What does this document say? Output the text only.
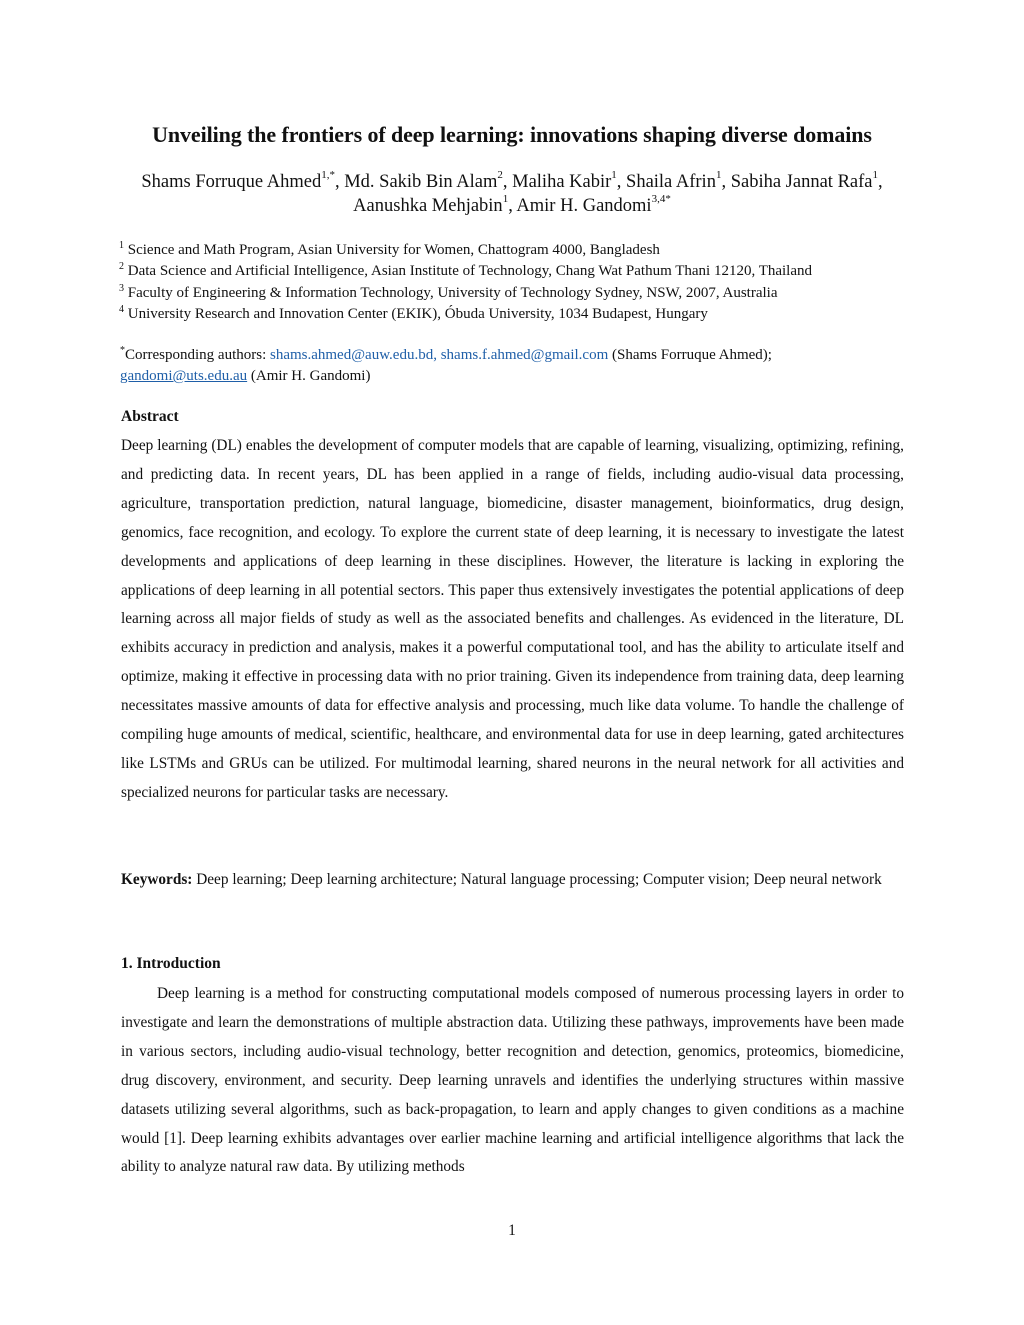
Unveiling the frontiers of deep learning: innovations shaping diverse domains
Shams Forruque Ahmed$^{1,*}$, Md. Sakib Bin Alam$^2$, Maliha Kabir$^1$, Shaila Afrin$^1$, Sabiha Jannat Rafa$^1$, Aanushka Mehjabin$^1$, Amir H. Gandomi$^{3,4*}$
$^1$ Science and Math Program, Asian University for Women, Chattogram 4000, Bangladesh
$^2$ Data Science and Artificial Intelligence, Asian Institute of Technology, Chang Wat Pathum Thani 12120, Thailand
$^3$ Faculty of Engineering & Information Technology, University of Technology Sydney, NSW, 2007, Australia
$^4$ University Research and Innovation Center (EKIK), Óbuda University, 1034 Budapest, Hungary
*Corresponding authors: shams.ahmed@auw.edu.bd, shams.f.ahmed@gmail.com (Shams Forruque Ahmed);
gandomi@uts.edu.au (Amir H. Gandomi)
Abstract
Deep learning (DL) enables the development of computer models that are capable of learning, visualizing, optimizing, refining, and predicting data. In recent years, DL has been applied in a range of fields, including audio-visual data processing, agriculture, transportation prediction, natural language, biomedicine, disaster management, bioinformatics, drug design, genomics, face recognition, and ecology. To explore the current state of deep learning, it is necessary to investigate the latest developments and applications of deep learning in these disciplines. However, the literature is lacking in exploring the applications of deep learning in all potential sectors. This paper thus extensively investigates the potential applications of deep learning across all major fields of study as well as the associated benefits and challenges. As evidenced in the literature, DL exhibits accuracy in prediction and analysis, makes it a powerful computational tool, and has the ability to articulate itself and optimize, making it effective in processing data with no prior training. Given its independence from training data, deep learning necessitates massive amounts of data for effective analysis and processing, much like data volume. To handle the challenge of compiling huge amounts of medical, scientific, healthcare, and environmental data for use in deep learning, gated architectures like LSTMs and GRUs can be utilized. For multimodal learning, shared neurons in the neural network for all activities and specialized neurons for particular tasks are necessary.
Keywords: Deep learning; Deep learning architecture; Natural language processing; Computer vision; Deep neural network
1. Introduction
Deep learning is a method for constructing computational models composed of numerous processing layers in order to investigate and learn the demonstrations of multiple abstraction data. Utilizing these pathways, improvements have been made in various sectors, including audio-visual technology, better recognition and detection, genomics, proteomics, biomedicine, drug discovery, environment, and security. Deep learning unravels and identifies the underlying structures within massive datasets utilizing several algorithms, such as back-propagation, to learn and apply changes to given conditions as a machine would [1]. Deep learning exhibits advantages over earlier machine learning and artificial intelligence algorithms that lack the ability to analyze natural raw data. By utilizing methods
1
